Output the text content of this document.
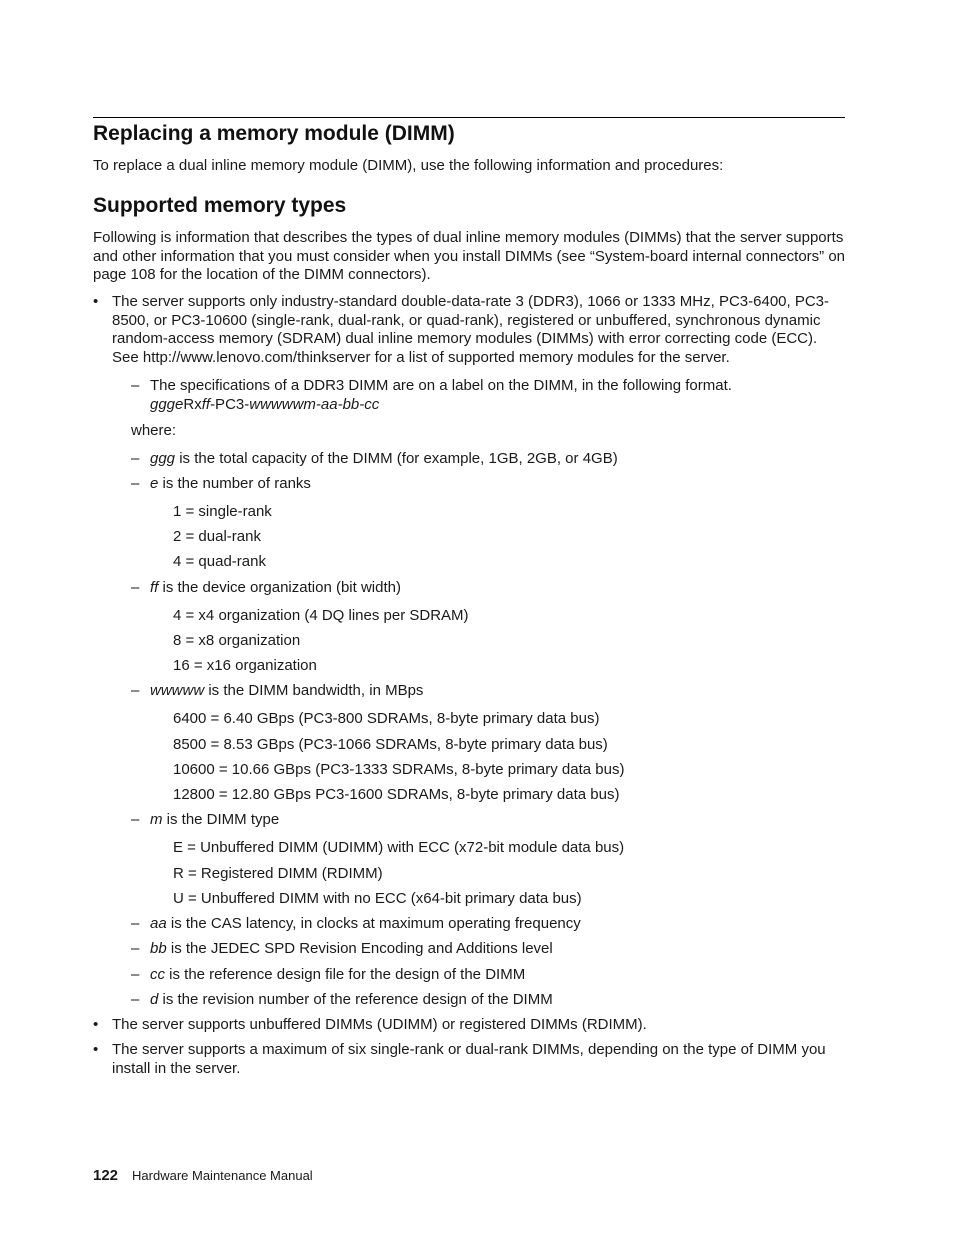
Replacing a memory module (DIMM)

To replace a dual inline memory module (DIMM), use the following information and procedures:

Supported memory types

Following is information that describes the types of dual inline memory modules (DIMMs) that the server supports and other information that you must consider when you install DIMMs (see “System-board internal connectors” on page 108 for the location of the DIMM connectors).

• The server supports only industry-standard double-data-rate 3 (DDR3), 1066 or 1333 MHz, PC3-6400, PC3-8500, or PC3-10600 (single-rank, dual-rank, or quad-rank), registered or unbuffered, synchronous dynamic random-access memory (SDRAM) dual inline memory modules (DIMMs) with error correcting code (ECC). See http://www.lenovo.com/thinkserver for a list of supported memory modules for the server.
– The specifications of a DDR3 DIMM are on a label on the DIMM, in the following format.
gggeRxff-PC3-wwwwwm-aa-bb-cc

where:

– ggg is the total capacity of the DIMM (for example, 1GB, 2GB, or 4GB)
– e is the number of ranks

1 = single-rank

2 = dual-rank

4 = quad-rank

– ff is the device organization (bit width)

4 = x4 organization (4 DQ lines per SDRAM)

8 = x8 organization

16 = x16 organization

– wwwww is the DIMM bandwidth, in MBps

6400 = 6.40 GBps (PC3-800 SDRAMs, 8-byte primary data bus)

8500 = 8.53 GBps (PC3-1066 SDRAMs, 8-byte primary data bus)

10600 = 10.66 GBps (PC3-1333 SDRAMs, 8-byte primary data bus)

12800 = 12.80 GBps PC3-1600 SDRAMs, 8-byte primary data bus)

– m is the DIMM type

E = Unbuffered DIMM (UDIMM) with ECC (x72-bit module data bus)

R = Registered DIMM (RDIMM)

U = Unbuffered DIMM with no ECC (x64-bit primary data bus)

– aa is the CAS latency, in clocks at maximum operating frequency
– bb is the JEDEC SPD Revision Encoding and Additions level
– cc is the reference design file for the design of the DIMM
– d is the revision number of the reference design of the DIMM
• The server supports unbuffered DIMMs (UDIMM) or registered DIMMs (RDIMM).
• The server supports a maximum of six single-rank or dual-rank DIMMs, depending on the type of DIMM you install in the server.
122 Hardware Maintenance Manual
